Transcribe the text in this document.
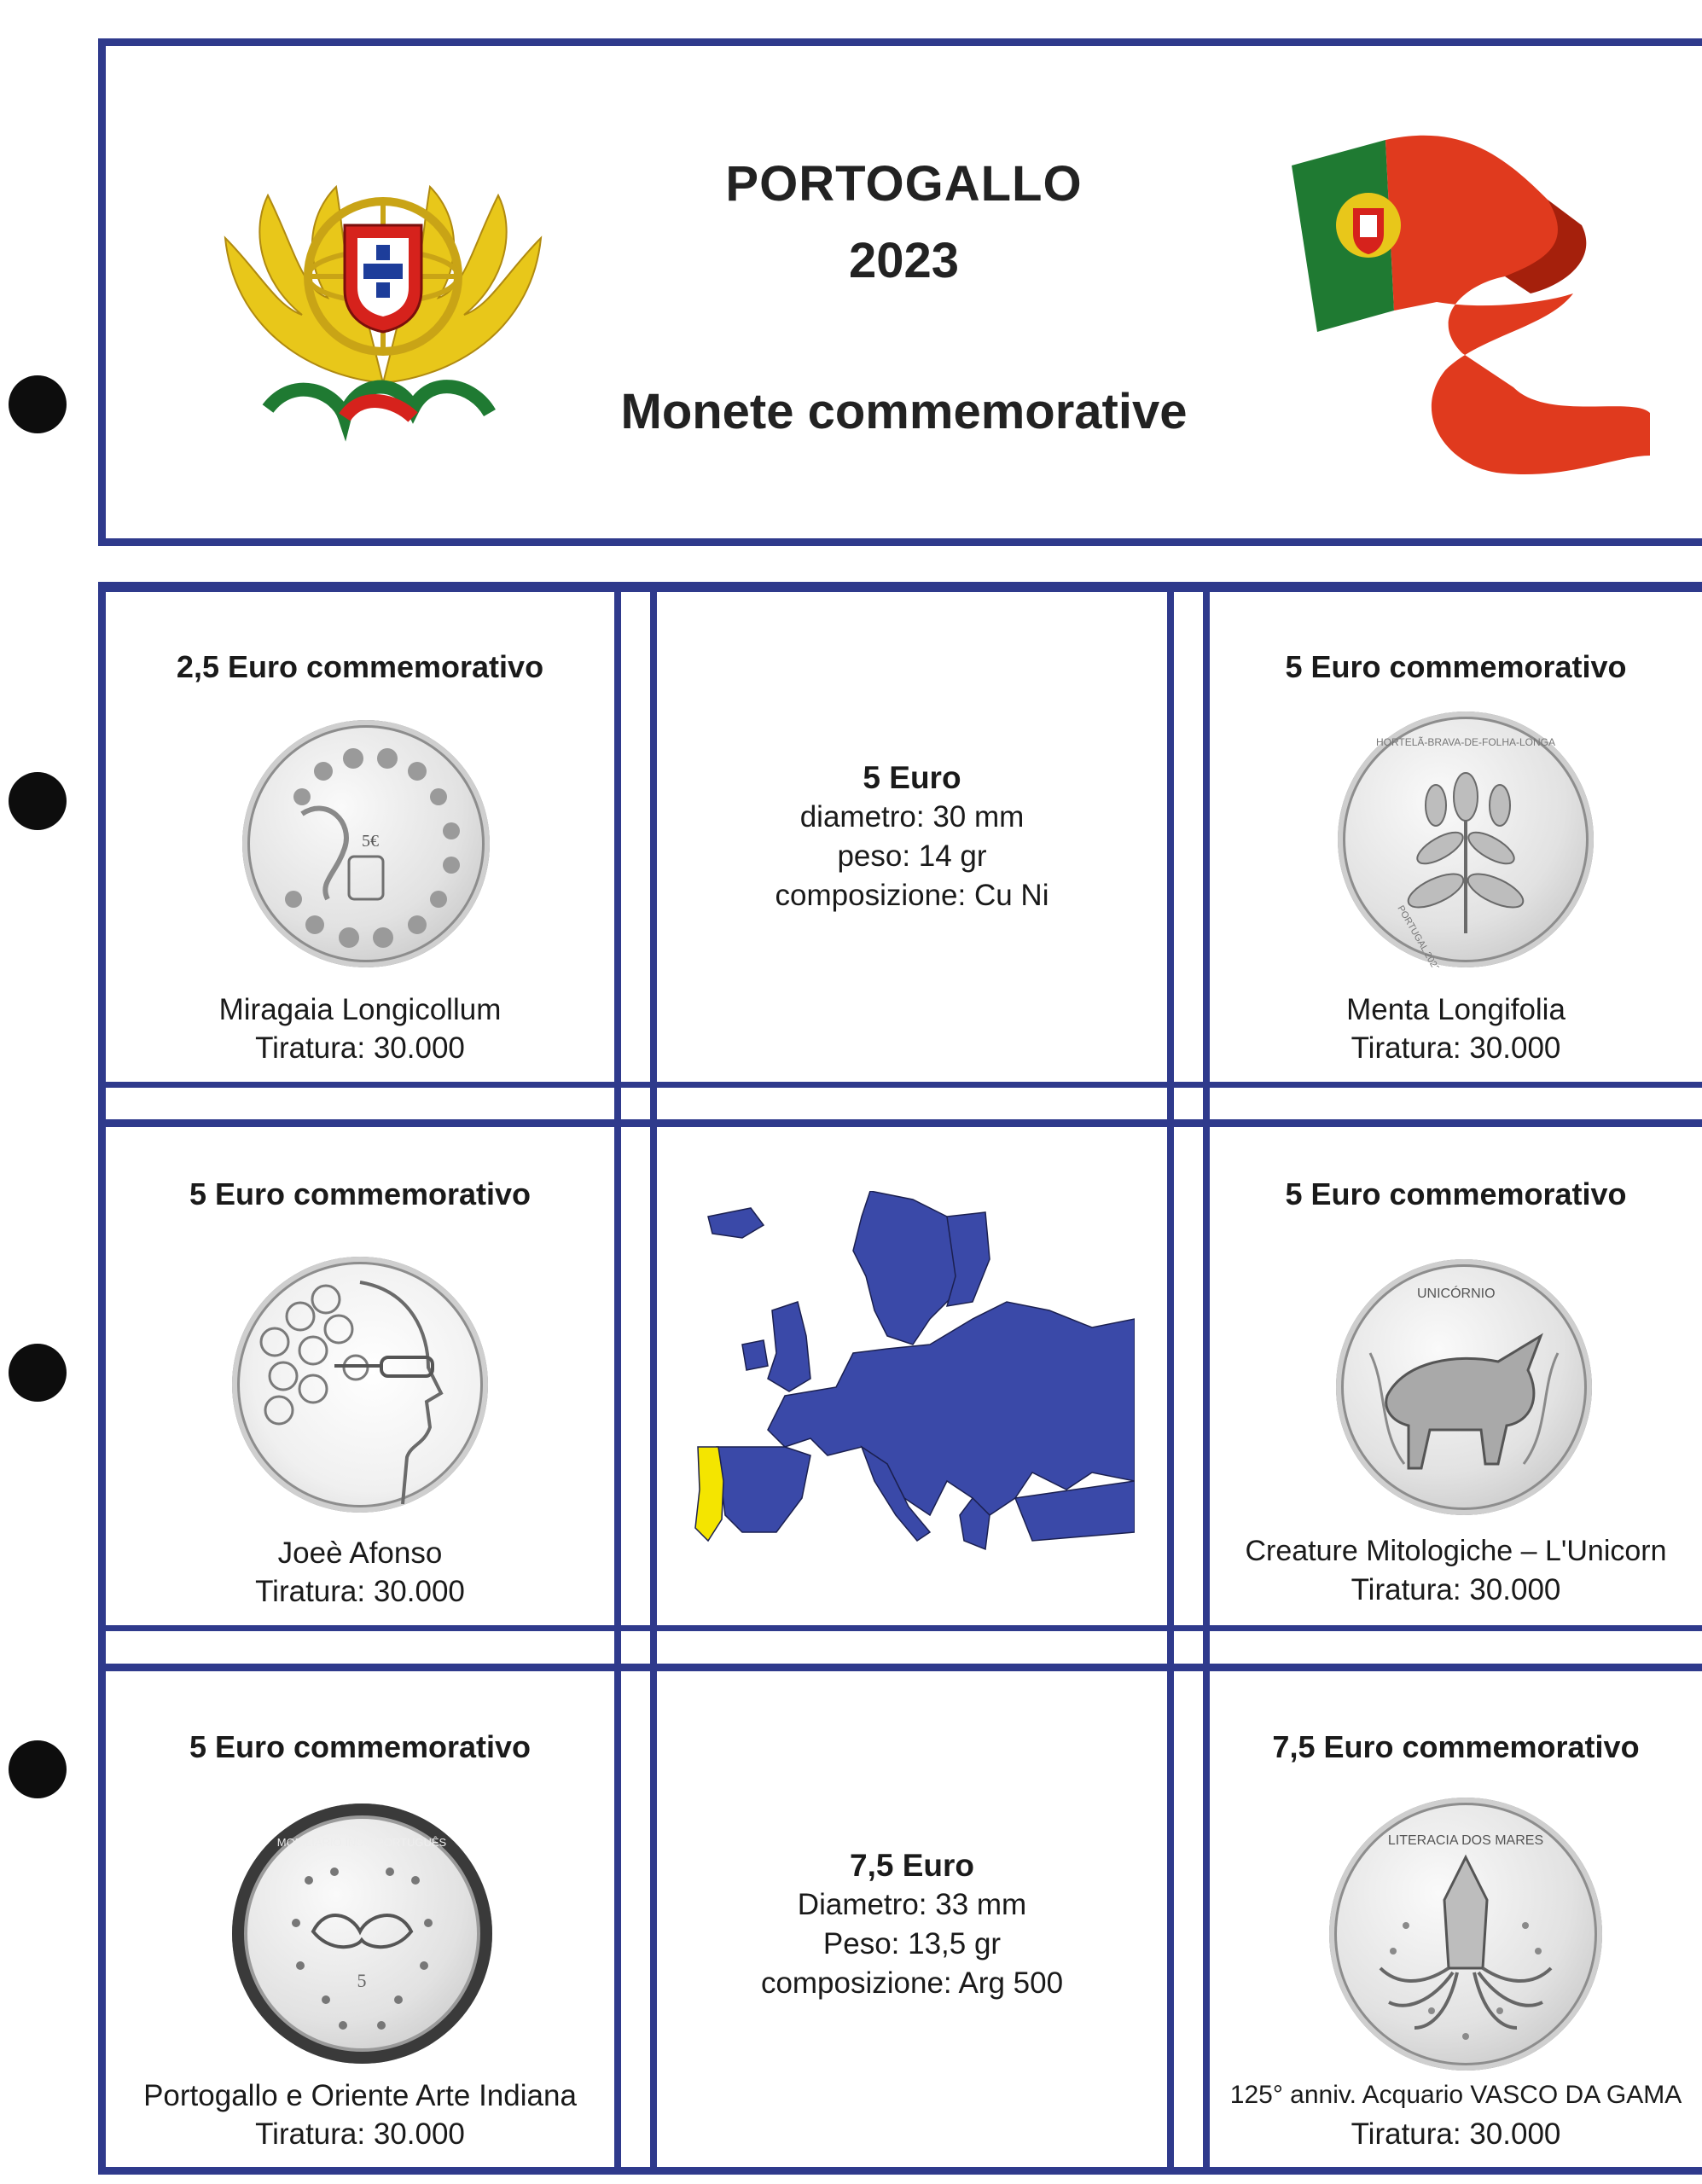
PORTOGALLO
2023
Monete commemorative
2,5 Euro commemorativo
5€
Miragaia Longicollum
Tiratura: 30.000
5 Euro
diametro: 30 mm
peso: 14 gr
composizione: Cu Ni
5 Euro commemorativo
HORTELÃ-BRAVA-DE-FOLHA-LONGA
PORTUGAL 2023
Menta Longifolia
Tiratura: 30.000
5 Euro commemorativo
Joeè Afonso
Tiratura: 30.000
5 Euro commemorativo
UNICÓRNIO
Creature Mitologiche – L'Unicorn
Tiratura: 30.000
5 Euro commemorativo
MOBILIÁRIO INDO-PORTUGUÊS
5
Portogallo e Oriente Arte Indiana
Tiratura: 30.000
7,5 Euro
Diametro: 33 mm
Peso: 13,5 gr
composizione: Arg 500
7,5 Euro commemorativo
LITERACIA DOS MARES
125° anniv. Acquario VASCO DA GAMA
Tiratura: 30.000
